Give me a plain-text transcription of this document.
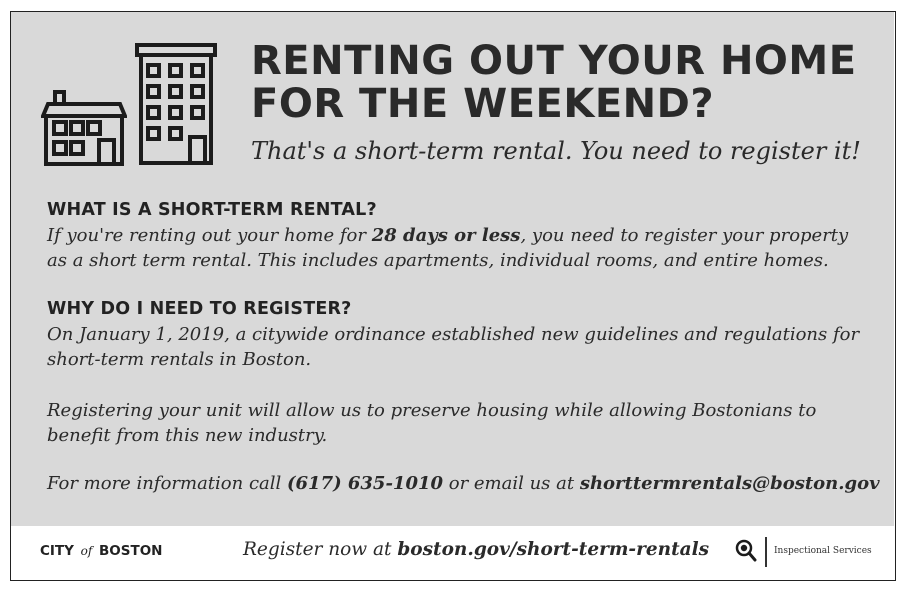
RENTING OUT YOUR HOME FOR THE WEEKEND?
That's a short-term rental. You need to register it!
WHAT IS A SHORT-TERM RENTAL?
If you're renting out your home for 28 days or less, you need to register your property as a short term rental. This includes apartments, individual rooms, and entire homes.
WHY DO I NEED TO REGISTER?
On January 1, 2019, a citywide ordinance established new guidelines and regulations for short-term rentals in Boston.
Registering your unit will allow us to preserve housing while allowing Bostonians to benefit from this new industry.
For more information call (617) 635-1010 or email us at shorttermrentals@boston.gov
CITY of BOSTON	Register now at boston.gov/short-term-rentals	Inspectional Services
